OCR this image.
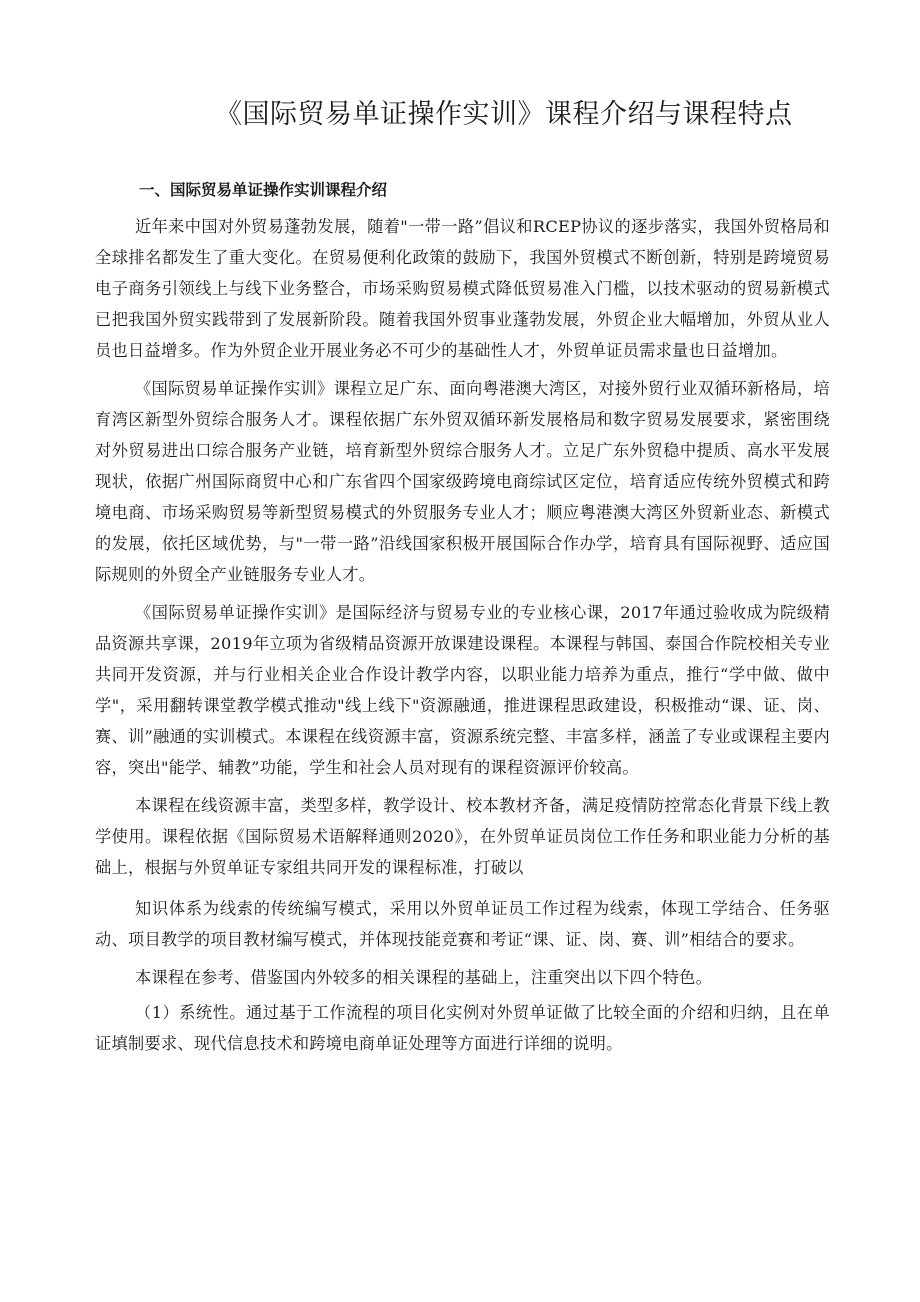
《国际贸易单证操作实训》课程介绍与课程特点
一、国际贸易单证操作实训课程介绍

近年来中国对外贸易蓬勃发展，随着"一带一路”倡议和RCEP协议的逐步落实，我国外贸格局和全球排名都发生了重大变化。在贸易便利化政策的鼓励下，我国外贸模式不断创新，特别是跨境贸易电子商务引领线上与线下业务整合，市场采购贸易模式降低贸易准入门槛，以技术驱动的贸易新模式已把我国外贸实践带到了发展新阶段。随着我国外贸事业蓬勃发展，外贸企业大幅增加，外贸从业人员也日益增多。作为外贸企业开展业务必不可少的基础性人才，外贸单证员需求量也日益增加。

《国际贸易单证操作实训》课程立足广东、面向粤港澳大湾区，对接外贸行业双循环新格局，培育湾区新型外贸综合服务人才。课程依据广东外贸双循环新发展格局和数字贸易发展要求，紧密围绕对外贸易进出口综合服务产业链，培育新型外贸综合服务人才。立足广东外贸稳中提质、高水平发展现状，依据广州国际商贸中心和广东省四个国家级跨境电商综试区定位，培育适应传统外贸模式和跨境电商、市场采购贸易等新型贸易模式的外贸服务专业人才；顺应粤港澳大湾区外贸新业态、新模式的发展，依托区域优势，与"一带一路”沿线国家积极开展国际合作办学，培育具有国际视野、适应国际规则的外贸全产业链服务专业人才。

《国际贸易单证操作实训》是国际经济与贸易专业的专业核心课，2017年通过验收成为院级精品资源共享课，2019年立项为省级精品资源开放课建设课程。本课程与韩国、泰国合作院校相关专业共同开发资源，并与行业相关企业合作设计教学内容，以职业能力培养为重点，推行“学中做、做中学"，采用翻转课堂教学模式推动"线上线下"资源融通，推进课程思政建设，积极推动“课、证、岗、赛、训”融通的实训模式。本课程在线资源丰富，资源系统完整、丰富多样，涵盖了专业或课程主要内容，突出"能学、辅教”功能，学生和社会人员对现有的课程资源评价较高。

本课程在线资源丰富，类型多样，教学设计、校本教材齐备，满足疫情防控常态化背景下线上教学使用。课程依据《国际贸易术语解释通则2020》，在外贸单证员岗位工作任务和职业能力分析的基础上，根据与外贸单证专家组共同开发的课程标准，打破以

知识体系为线索的传统编写模式，采用以外贸单证员工作过程为线索，体现工学结合、任务驱动、项目教学的项目教材编写模式，并体现技能竞赛和考证“课、证、岗、赛、训”相结合的要求。

本课程在参考、借鉴国内外较多的相关课程的基础上，注重突出以下四个特色。

（1）系统性。通过基于工作流程的项目化实例对外贸单证做了比较全面的介绍和归纳，且在单证填制要求、现代信息技术和跨境电商单证处理等方面进行详细的说明。
